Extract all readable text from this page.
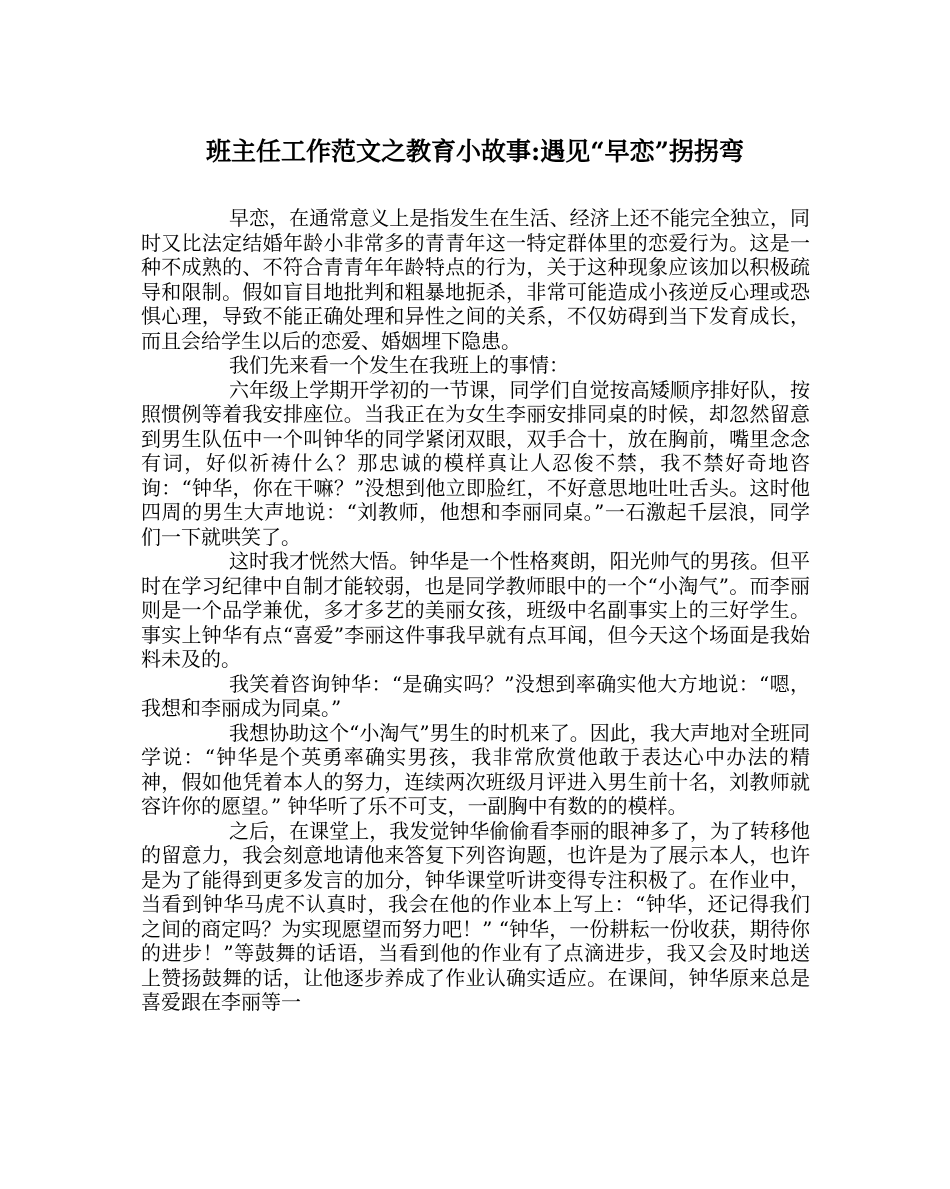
班主任工作范文之教育小故事:遇见“早恋”拐拐弯

早恋，在通常意义上是指发生在生活、经济上还不能完全独立，同时又比法定结婚年龄小非常多的青青年这一特定群体里的恋爱行为。这是一种不成熟的、不符合青青年年龄特点的行为，关于这种现象应该加以积极疏导和限制。假如盲目地批判和粗暴地扼杀，非常可能造成小孩逆反心理或恐惧心理，导致不能正确处理和异性之间的关系，不仅妨碍到当下发育成长，而且会给学生以后的恋爱、婚姻埋下隐患。

我们先来看一个发生在我班上的事情：

六年级上学期开学初的一节课，同学们自觉按高矮顺序排好队，按照惯例等着我安排座位。当我正在为女生李丽安排同桌的时候，却忽然留意到男生队伍中一个叫钟华的同学紧闭双眼，双手合十，放在胸前，嘴里念念有词，好似祈祷什么？那忠诚的模样真让人忍俊不禁，我不禁好奇地咨询：“钟华，你在干嘛？”没想到他立即脸红，不好意思地吐吐舌头。这时他四周的男生大声地说：“刘教师，他想和李丽同桌。”一石激起千层浪，同学们一下就哄笑了。

这时我才恍然大悟。钟华是一个性格爽朗，阳光帅气的男孩。但平时在学习纪律中自制才能较弱，也是同学教师眼中的一个“小淘气”。而李丽则是一个品学兼优，多才多艺的美丽女孩，班级中名副事实上的三好学生。事实上钟华有点“喜爱”李丽这件事我早就有点耳闻，但今天这个场面是我始料未及的。

我笑着咨询钟华：“是确实吗？”没想到率确实他大方地说：“嗯，我想和李丽成为同桌。”

我想协助这个“小淘气”男生的时机来了。因此，我大声地对全班同学说：“钟华是个英勇率确实男孩，我非常欣赏他敢于表达心中办法的精神，假如他凭着本人的努力，连续两次班级月评进入男生前十名，刘教师就容许你的愿望。” 钟华听了乐不可支，一副胸中有数的的模样。

之后，在课堂上，我发觉钟华偷偷看李丽的眼神多了，为了转移他的留意力，我会刻意地请他来答复下列咨询题，也许是为了展示本人，也许是为了能得到更多发言的加分，钟华课堂听讲变得专注积极了。在作业中，当看到钟华马虎不认真时，我会在他的作业本上写上：“钟华，还记得我们之间的商定吗？为实现愿望而努力吧！” “钟华，一份耕耘一份收获，期待你的进步！”等鼓舞的话语，当看到他的作业有了点滴进步，我又会及时地送上赞扬鼓舞的话，让他逐步养成了作业认确实适应。在课间，钟华原来总是喜爱跟在李丽等一
